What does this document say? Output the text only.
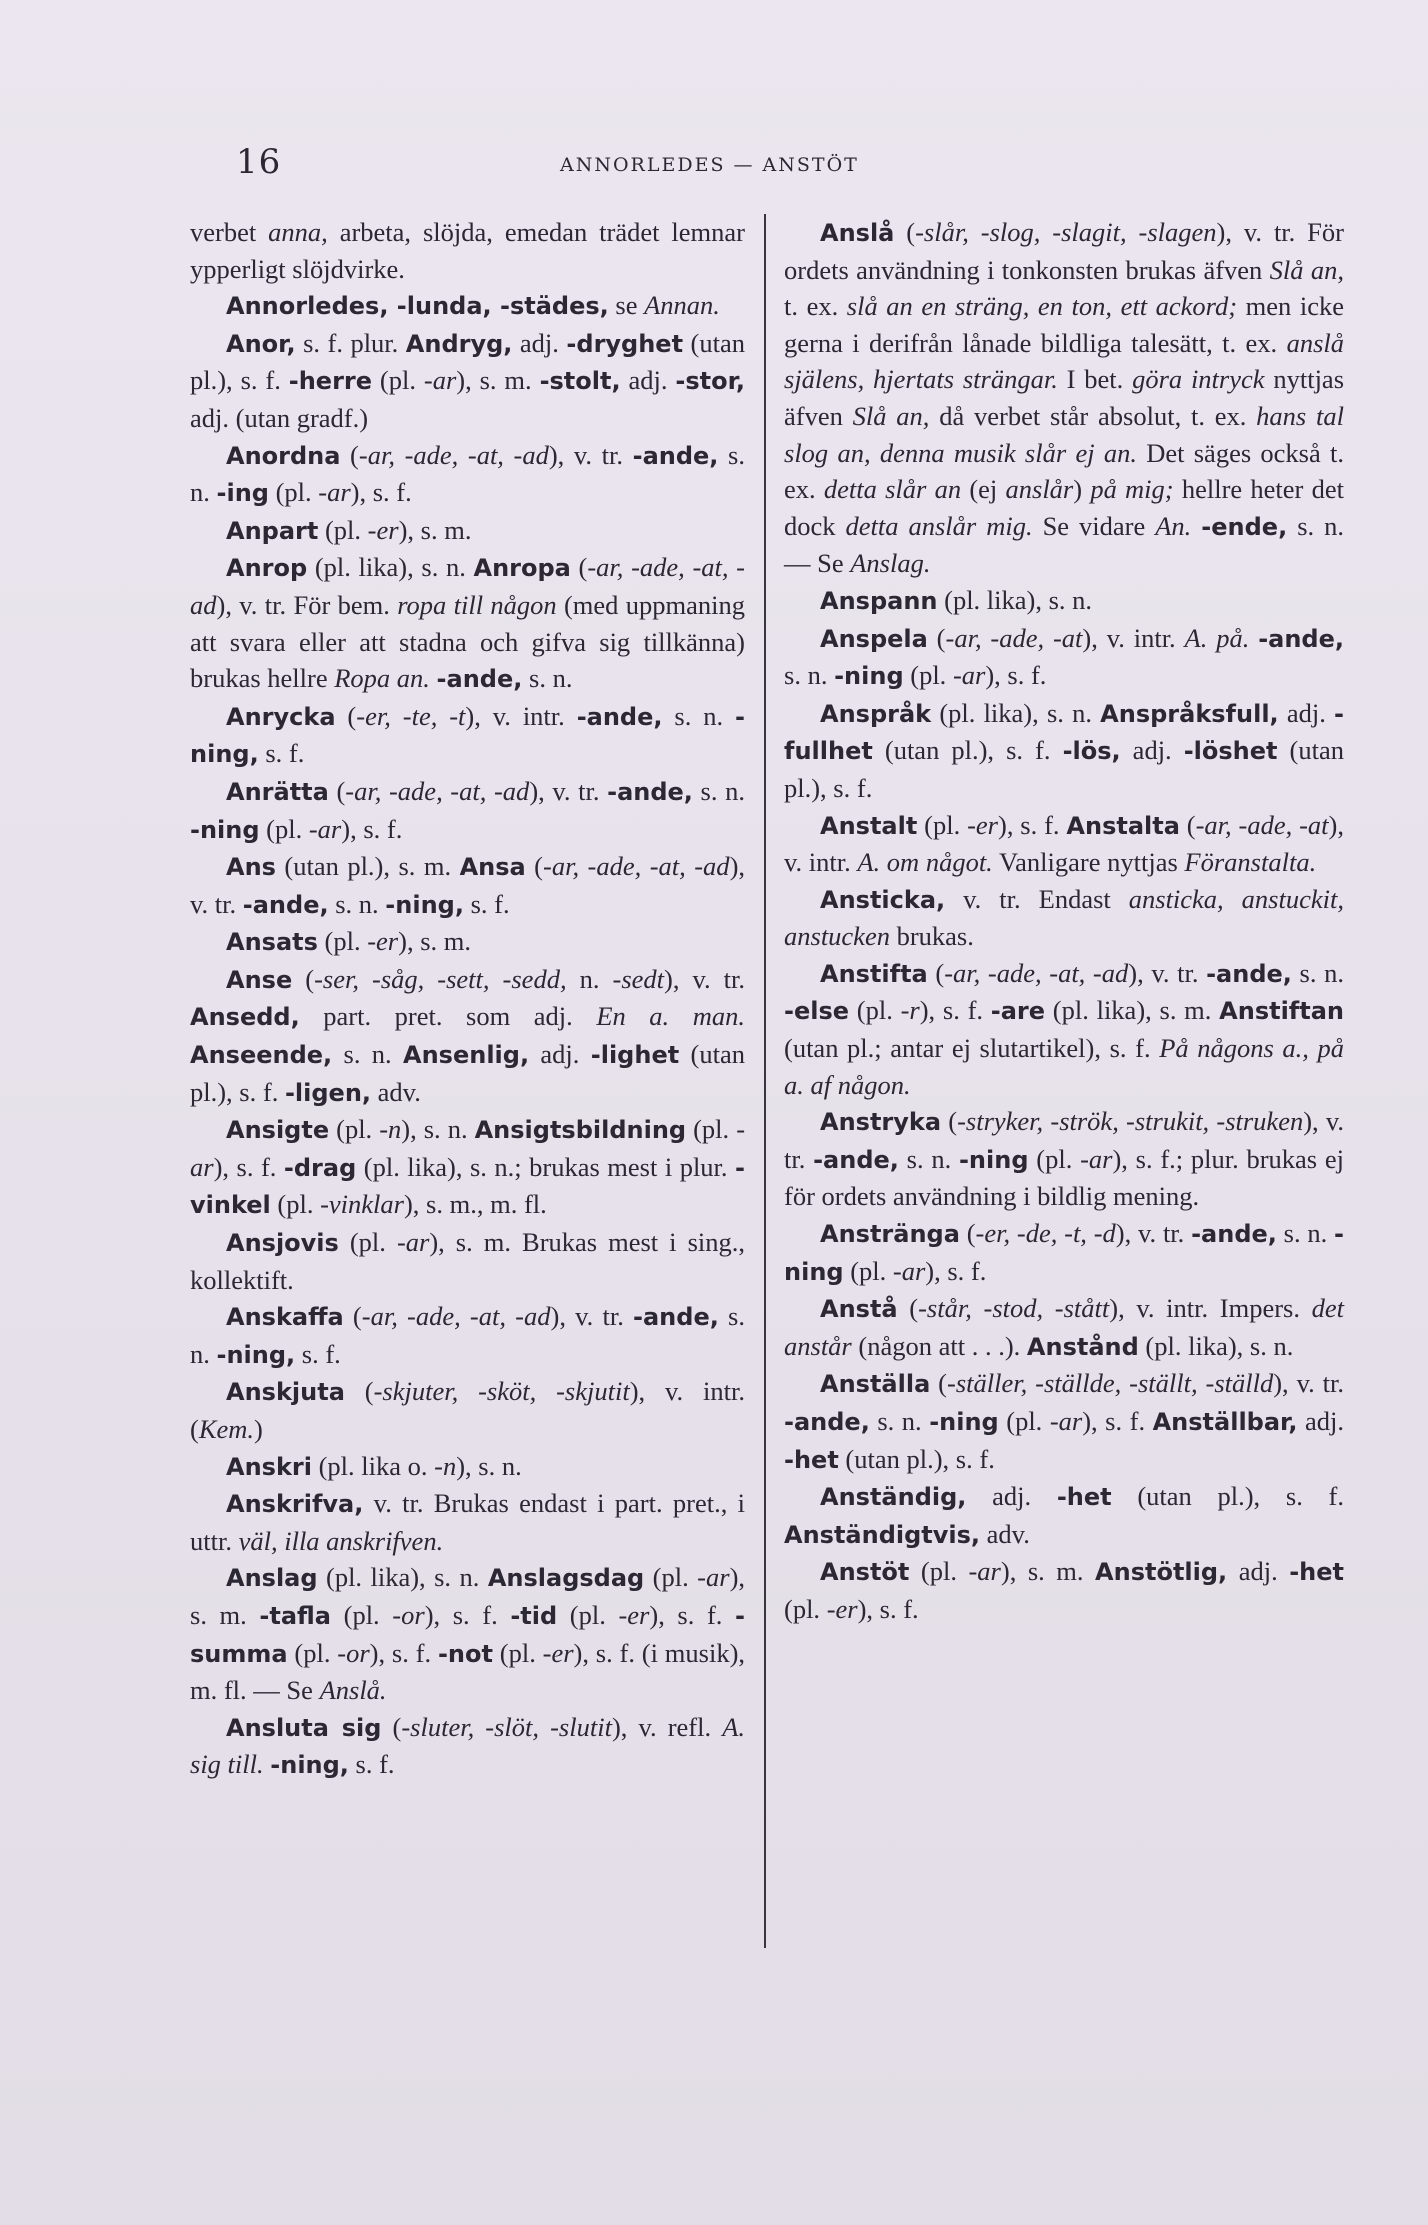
16	ANNORLEDES — ANSTÖT

verbet anna, arbeta, slöjda, emedan trädet lemnar ypperligt slöjdvirke.

Annorledes, -lunda, -städes, se Annan.

Anor, s. f. plur. Andryg, adj. -dryghet (utan pl.), s. f. -herre (pl. -ar), s. m. -stolt, adj. -stor, adj. (utan gradf.)

Anordna (-ar, -ade, -at, -ad), v. tr. -ande, s. n. -ing (pl. -ar), s. f.

Anpart (pl. -er), s. m.

Anrop (pl. lika), s. n. Anropa (-ar, -ade, -at, -ad), v. tr. För bem. ropa till någon (med uppmaning att svara eller att stadna och gifva sig tillkänna) brukas hellre Ropa an. -ande, s. n.

Anrycka (-er, -te, -t), v. intr. -ande, s. n. -ning, s. f.

Anrätta (-ar, -ade, -at, -ad), v. tr. -ande, s. n. -ning (pl. -ar), s. f.

Ans (utan pl.), s. m. Ansa (-ar, -ade, -at, -ad), v. tr. -ande, s. n. -ning, s. f.

Ansats (pl. -er), s. m.

Anse (-ser, -såg, -sett, -sedd, n. -sedt), v. tr. Ansedd, part. pret. som adj. En a. man. Anseende, s. n. Ansenlig, adj. -lighet (utan pl.), s. f. -ligen, adv.

Ansigte (pl. -n), s. n. Ansigtsbildning (pl. -ar), s. f. -drag (pl. lika), s. n.; brukas mest i plur. -vinkel (pl. -vinklar), s. m., m. fl.

Ansjovis (pl. -ar), s. m. Brukas mest i sing., kollektift.

Anskaffa (-ar, -ade, -at, -ad), v. tr. -ande, s. n. -ning, s. f.

Anskjuta (-skjuter, -sköt, -skjutit), v. intr. (Kem.)

Anskri (pl. lika o. -n), s. n.

Anskrifva, v. tr. Brukas endast i part. pret., i uttr. väl, illa anskrifven.

Anslag (pl. lika), s. n. Anslagsdag (pl. -ar), s. m. -tafla (pl. -or), s. f. -tid (pl. -er), s. f. -summa (pl. -or), s. f. -not (pl. -er), s. f. (i musik), m. fl. — Se Anslå.

Ansluta sig (-sluter, -slöt, -slutit), v. refl. A. sig till. -ning, s. f.

Anslå (-slår, -slog, -slagit, -slagen), v. tr. För ordets användning i tonkonsten brukas äfven Slå an, t. ex. slå an en sträng, en ton, ett ackord; men icke gerna i derifrån lånade bildliga talesätt, t. ex. anslå själens, hjertats strängar. I bet. göra intryck nyttjas äfven Slå an, då verbet står absolut, t. ex. hans tal slog an, denna musik slår ej an. Det säges också t. ex. detta slår an (ej anslår) på mig; hellre heter det dock detta anslår mig. Se vidare An. -ende, s. n. — Se Anslag.

Anspann (pl. lika), s. n.

Anspela (-ar, -ade, -at), v. intr. A. på. -ande, s. n. -ning (pl. -ar), s. f.

Anspråk (pl. lika), s. n. Anspråksfull, adj. -fullhet (utan pl.), s. f. -lös, adj. -löshet (utan pl.), s. f.

Anstalt (pl. -er), s. f. Anstalta (-ar, -ade, -at), v. intr. A. om något. Vanligare nyttjas Föranstalta.

Ansticka, v. tr. Endast ansticka, anstuckit, anstucken brukas.

Anstifta (-ar, -ade, -at, -ad), v. tr. -ande, s. n. -else (pl. -r), s. f. -are (pl. lika), s. m. Anstiftan (utan pl.; antar ej slutartikel), s. f. På någons a., på a. af någon.

Anstryka (-stryker, -strök, -strukit, -struken), v. tr. -ande, s. n. -ning (pl. -ar), s. f.; plur. brukas ej för ordets användning i bildlig mening.

Anstränga (-er, -de, -t, -d), v. tr. -ande, s. n. -ning (pl. -ar), s. f.

Anstå (-står, -stod, -stått), v. intr. Impers. det anstår (någon att . . .). Anstånd (pl. lika), s. n.

Anställa (-ställer, -ställde, -ställt, -ställd), v. tr. -ande, s. n. -ning (pl. -ar), s. f. Anställbar, adj. -het (utan pl.), s. f.

Anständig, adj. -het (utan pl.), s. f. Anständigtvis, adv.

Anstöt (pl. -ar), s. m. Anstötlig, adj. -het (pl. -er), s. f.
